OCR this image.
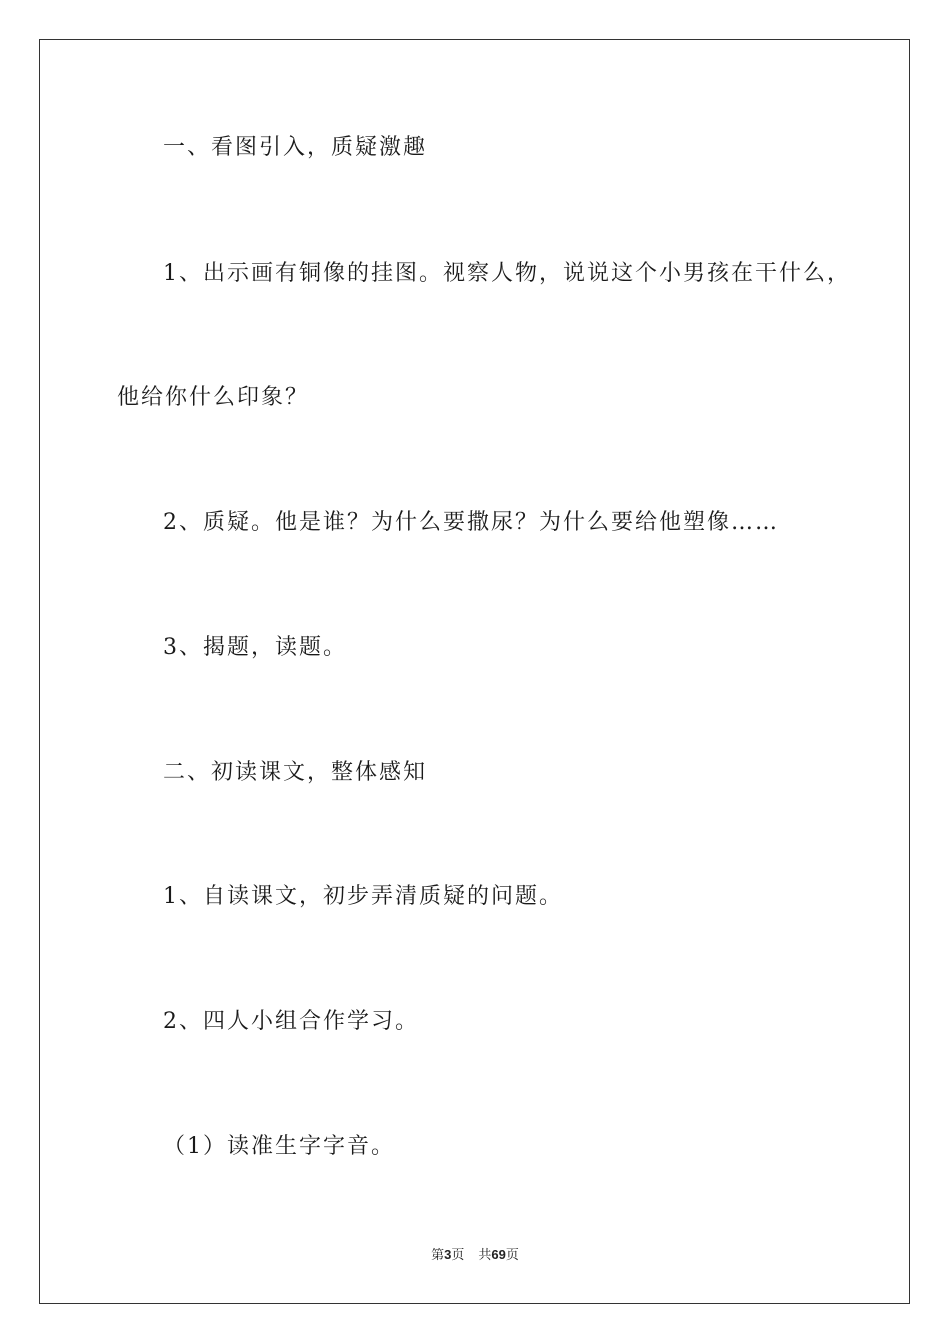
一、看图引入，质疑激趣
1、出示画有铜像的挂图。视察人物，说说这个小男孩在干什么，
他给你什么印象？
2、质疑。他是谁？为什么要撒尿？为什么要给他塑像……
3、揭题，读题。
二、初读课文，整体感知
1、自读课文，初步弄清质疑的问题。
2、四人小组合作学习。
（1）读准生字字音。
第3页 共69页
